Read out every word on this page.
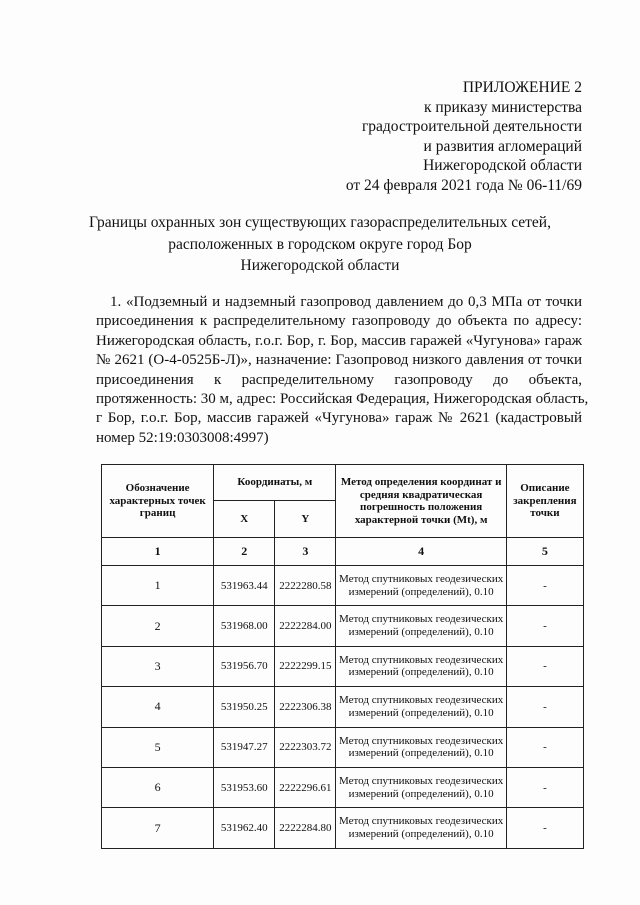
ПРИЛОЖЕНИЕ 2
к приказу министерства
градостроительной деятельности
и развития агломераций
Нижегородской области
от 24 февраля 2021 года № 06-11/69
Границы охранных зон существующих газораспределительных сетей,
расположенных в городском округе город Бор
Нижегородской области
1. «Подземный и надземный газопровод давлением до 0,3 МПа от точки
присоединения к распределительному газопроводу до объекта по адресу:
Нижегородская область, г.о.г. Бор, г. Бор, массив гаражей «Чугунова» гараж
№ 2621 (О-4-0525Б-Л)», назначение: Газопровод низкого давления от точки
присоединения к распределительному газопроводу до объекта,
протяженность: 30 м, адрес: Российская Федерация, Нижегородская область,
г Бор, г.о.г. Бор, массив гаражей «Чугунова» гараж № 2621 (кадастровый
номер 52:19:0303008:4997)
Обозначение характерных точек границ	Координаты, м		Метод определения координат и средняя квадратическая погрешность положения характерной точки (Mt), м	Описание закрепления точки
	X	Y		
1	2	3	4	5
1	531963.44	2222280.58	Метод спутниковых геодезических измерений (определений), 0.10	-
2	531968.00	2222284.00	Метод спутниковых геодезических измерений (определений), 0.10	-
3	531956.70	2222299.15	Метод спутниковых геодезических измерений (определений), 0.10	-
4	531950.25	2222306.38	Метод спутниковых геодезических измерений (определений), 0.10	-
5	531947.27	2222303.72	Метод спутниковых геодезических измерений (определений), 0.10	-
6	531953.60	2222296.61	Метод спутниковых геодезических измерений (определений), 0.10	-
7	531962.40	2222284.80	Метод спутниковых геодезических измерений (определений), 0.10	-
